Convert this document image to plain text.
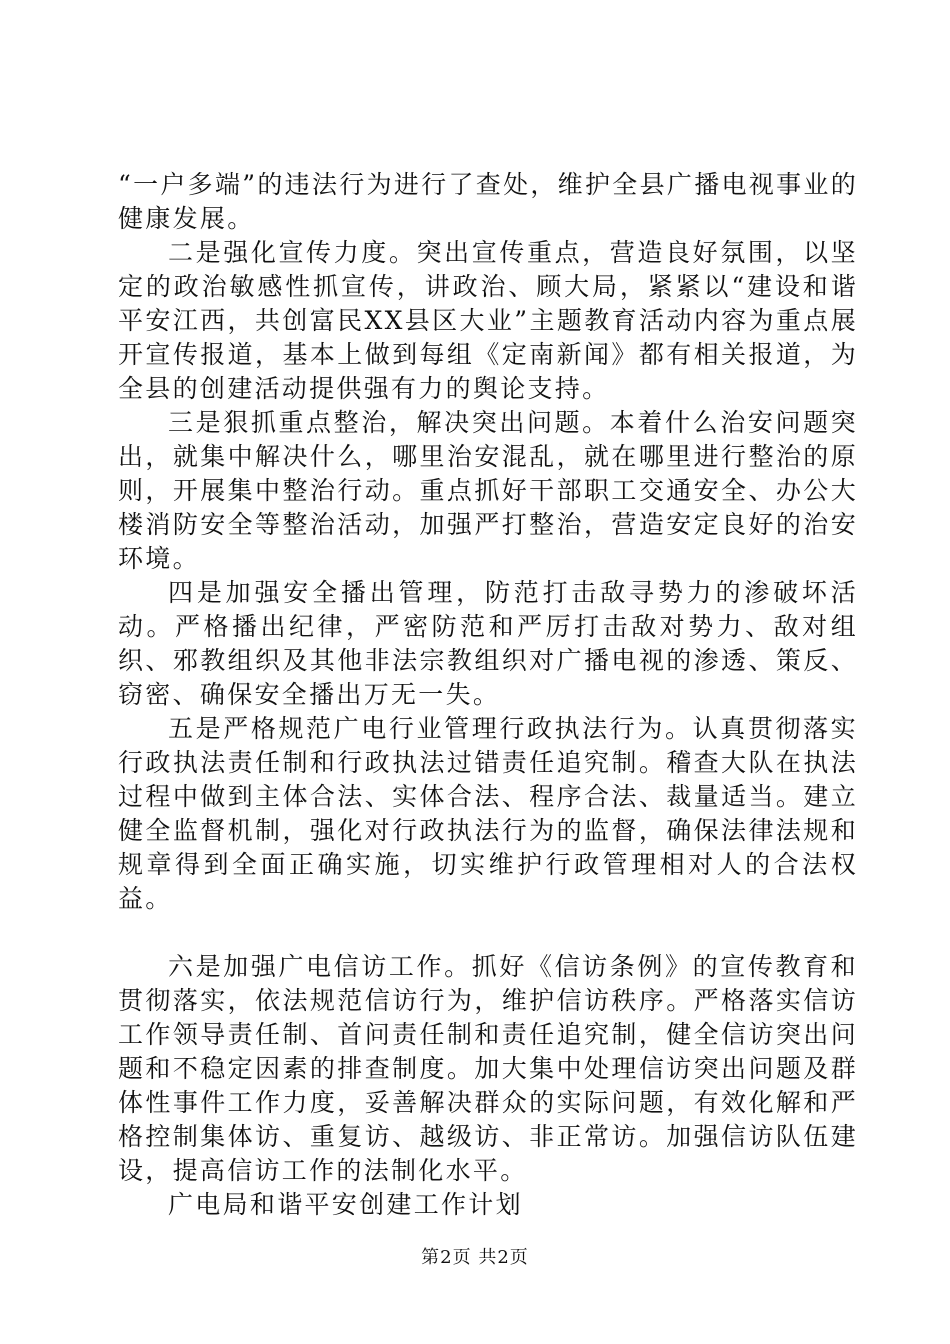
“一户多端”的违法行为进行了查处，维护全县广播电视事业的健康发展。

二是强化宣传力度。突出宣传重点，营造良好氛围，以坚定的政治敏感性抓宣传，讲政治、顾大局，紧紧以“建设和谐平安江西，共创富民XX县区大业”主题教育活动内容为重点展开宣传报道，基本上做到每组《定南新闻》都有相关报道，为全县的创建活动提供强有力的舆论支持。

三是狠抓重点整治，解决突出问题。本着什么治安问题突出，就集中解决什么，哪里治安混乱，就在哪里进行整治的原则，开展集中整治行动。重点抓好干部职工交通安全、办公大楼消防安全等整治活动，加强严打整治，营造安定良好的治安环境。

四是加强安全播出管理，防范打击敌寻势力的渗破坏活动。严格播出纪律，严密防范和严厉打击敌对势力、敌对组织、邪教组织及其他非法宗教组织对广播电视的渗透、策反、窃密、确保安全播出万无一失。

五是严格规范广电行业管理行政执法行为。认真贯彻落实行政执法责任制和行政执法过错责任追究制。稽查大队在执法过程中做到主体合法、实体合法、程序合法、裁量适当。建立健全监督机制，强化对行政执法行为的监督，确保法律法规和规章得到全面正确实施，切实维护行政管理相对人的合法权益。

六是加强广电信访工作。抓好《信访条例》的宣传教育和贯彻落实，依法规范信访行为，维护信访秩序。严格落实信访工作领导责任制、首问责任制和责任追究制，健全信访突出问题和不稳定因素的排查制度。加大集中处理信访突出问题及群体性事件工作力度，妥善解决群众的实际问题，有效化解和严格控制集体访、重复访、越级访、非正常访。加强信访队伍建设，提高信访工作的法制化水平。

广电局和谐平安创建工作计划

第2页 共2页
